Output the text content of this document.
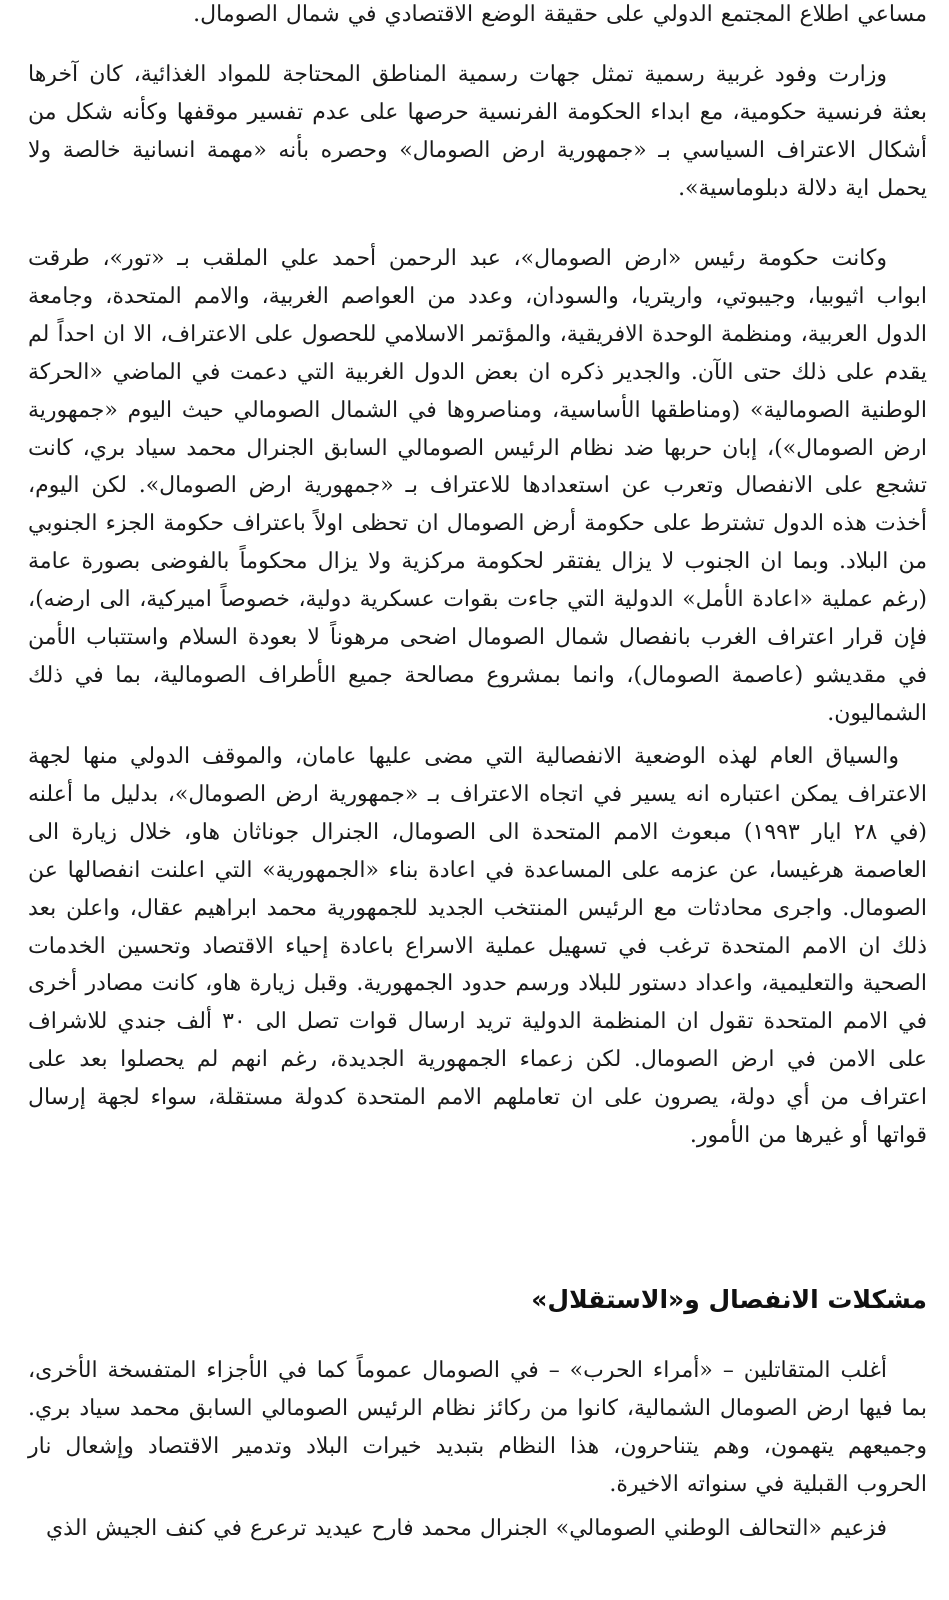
مساعي اطلاع المجتمع الدولي على حقيقة الوضع الاقتصادي في شمال الصومال.

وزارت وفود غربية رسمية تمثل جهات رسمية المناطق المحتاجة للمواد الغذائية، كان آخرها بعثة فرنسية حكومية، مع ابداء الحكومة الفرنسية حرصها على عدم تفسير موقفها وكأنه شكل من أشكال الاعتراف السياسي بـ «جمهورية ارض الصومال» وحصره بأنه «مهمة انسانية خالصة ولا يحمل اية دلالة دبلوماسية».

وكانت حكومة رئيس «ارض الصومال»، عبد الرحمن أحمد علي الملقب بـ «تور»، طرقت ابواب اثيوبيا، وجيبوتي، واريتريا، والسودان، وعدد من العواصم الغربية، والامم المتحدة، وجامعة الدول العربية، ومنظمة الوحدة الافريقية، والمؤتمر الاسلامي للحصول على الاعتراف، الا ان احداً لم يقدم على ذلك حتى الآن. والجدير ذكره ان بعض الدول الغربية التي دعمت في الماضي «الحركة الوطنية الصومالية» (ومناطقها الأساسية، ومناصروها في الشمال الصومالي حيث اليوم «جمهورية ارض الصومال»)، إبان حربها ضد نظام الرئيس الصومالي السابق الجنرال محمد سياد بري، كانت تشجع على الانفصال وتعرب عن استعدادها للاعتراف بـ «جمهورية ارض الصومال». لكن اليوم، أخذت هذه الدول تشترط على حكومة أرض الصومال ان تحظى اولاً باعتراف حكومة الجزء الجنوبي من البلاد. وبما ان الجنوب لا يزال يفتقر لحكومة مركزية ولا يزال محكوماً بالفوضى بصورة عامة (رغم عملية «اعادة الأمل» الدولية التي جاءت بقوات عسكرية دولية، خصوصاً اميركية، الى ارضه)، فإن قرار اعتراف الغرب بانفصال شمال الصومال اضحى مرهوناً لا بعودة السلام واستتباب الأمن في مقديشو (عاصمة الصومال)، وانما بمشروع مصالحة جميع الأطراف الصومالية، بما في ذلك الشماليون.

والسياق العام لهذه الوضعية الانفصالية التي مضى عليها عامان، والموقف الدولي منها لجهة الاعتراف يمكن اعتباره انه يسير في اتجاه الاعتراف بـ «جمهورية ارض الصومال»، بدليل ما أعلنه (في ٢٨ ايار ١٩٩٣) مبعوث الامم المتحدة الى الصومال، الجنرال جوناثان هاو، خلال زيارة الى العاصمة هرغيسا، عن عزمه على المساعدة في اعادة بناء «الجمهورية» التي اعلنت انفصالها عن الصومال. واجرى محادثات مع الرئيس المنتخب الجديد للجمهورية محمد ابراهيم عقال، واعلن بعد ذلك ان الامم المتحدة ترغب في تسهيل عملية الاسراع باعادة إحياء الاقتصاد وتحسين الخدمات الصحية والتعليمية، واعداد دستور للبلاد ورسم حدود الجمهورية. وقبل زيارة هاو، كانت مصادر أخرى في الامم المتحدة تقول ان المنظمة الدولية تريد ارسال قوات تصل الى ٣٠ ألف جندي للاشراف على الامن في ارض الصومال. لكن زعماء الجمهورية الجديدة، رغم انهم لم يحصلوا بعد على اعتراف من أي دولة، يصرون على ان تعاملهم الامم المتحدة كدولة مستقلة، سواء لجهة إرسال قواتها أو غيرها من الأمور.

مشكلات الانفصال و«الاستقلال»

أغلب المتقاتلين – «أمراء الحرب» – في الصومال عموماً كما في الأجزاء المتفسخة الأخرى، بما فيها ارض الصومال الشمالية، كانوا من ركائز نظام الرئيس الصومالي السابق محمد سياد بري. وجميعهم يتهمون، وهم يتناحرون، هذا النظام بتبديد خيرات البلاد وتدمير الاقتصاد وإشعال نار الحروب القبلية في سنواته الاخيرة.

فزعيم «التحالف الوطني الصومالي» الجنرال محمد فارح عيديد ترعرع في كنف الجيش الذي
